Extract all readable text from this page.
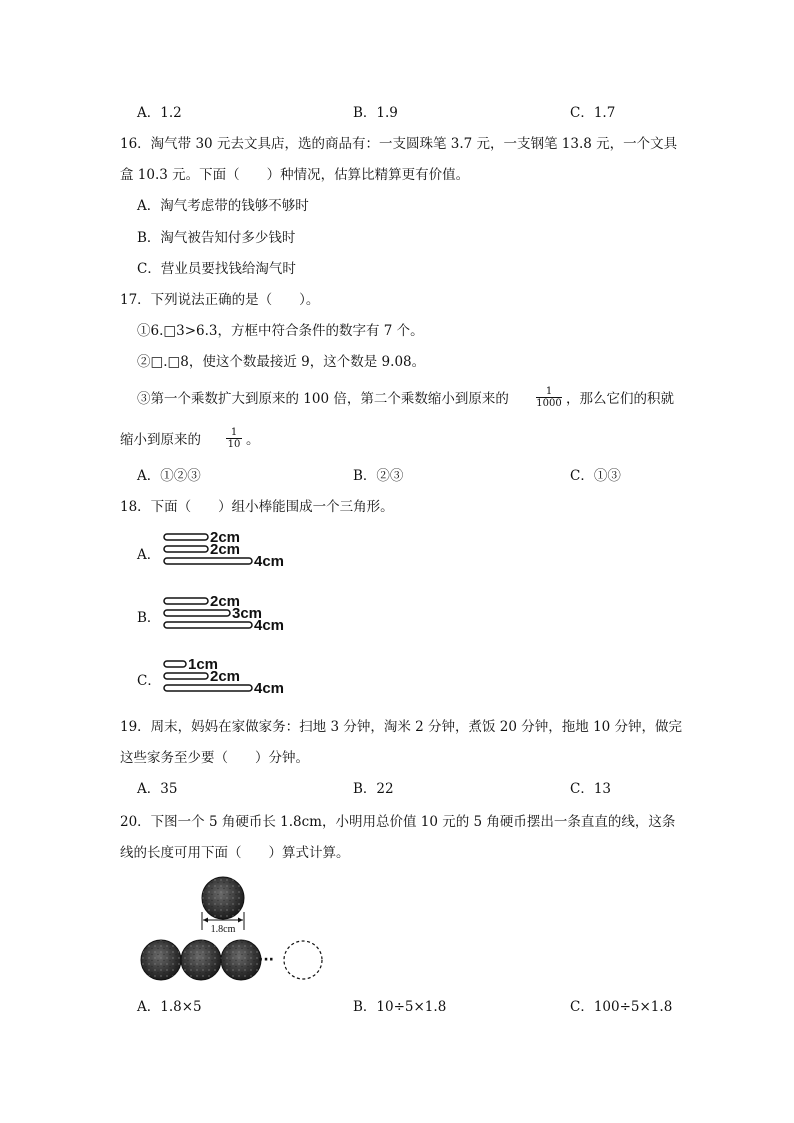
A．1.2	B．1.9	C．1.7
16．淘气带 30 元去文具店，选的商品有：一支圆珠笔 3.7 元，一支钢笔 13.8 元，一个文具
盒 10.3 元。下面（　　）种情况，估算比精算更有价值。
A．淘气考虑带的钱够不够时
B．淘气被告知付多少钱时
C．营业员要找钱给淘气时
17．下列说法正确的是（　　）。
①6.□3>6.3，方框中符合条件的数字有 7 个。
②□.□8，使这个数最接近 9，这个数是 9.08。
③第一个乘数扩大到原来的 100 倍，第二个乘数缩小到原来的	$\frac{1}{1000}$ ，那么它们的积就
缩小到原来的	$\frac{1}{10}$ 。
A．①②③	B．②③	C．①③
18．下面（　　）组小棒能围成一个三角形。
A．
B．
C．
2cm
2cm
4cm
2cm
3cm
4cm
1cm
2cm
4cm
19．周末，妈妈在家做家务：扫地 3 分钟，淘米 2 分钟，煮饭 20 分钟，拖地 10 分钟，做完
这些家务至少要（　　）分钟。
A．35	B．22	C．13
20．下图一个 5 角硬币长 1.8cm，小明用总价值 10 元的 5 角硬币摆出一条直直的线，这条
线的长度可用下面（　　）算式计算。
1.8cm
···
A．1.8×5	B．10÷5×1.8	C．100÷5×1.8
